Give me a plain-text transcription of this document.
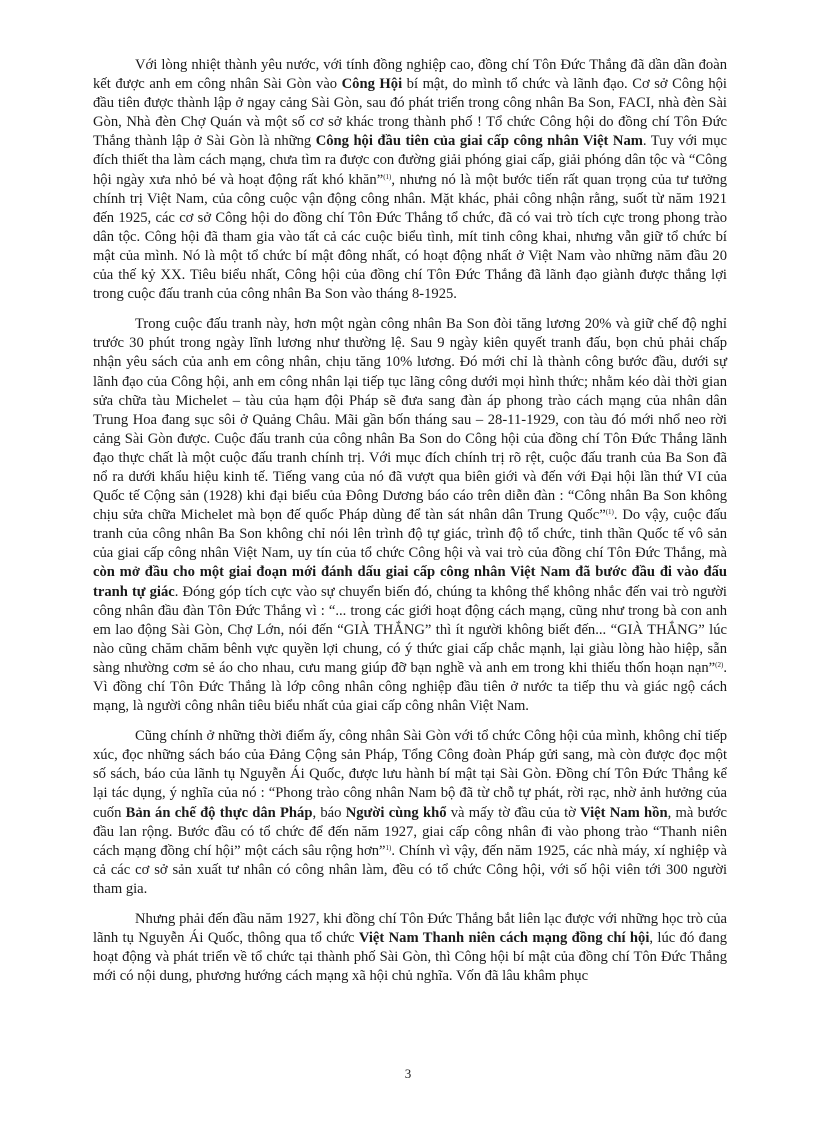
Với lòng nhiệt thành yêu nước, với tính đồng nghiệp cao, đồng chí Tôn Đức Thắng đã dần dần đoàn kết được anh em công nhân Sài Gòn vào Công Hội bí mật, do mình tổ chức và lãnh đạo. Cơ sở Công hội đầu tiên được thành lập ở ngay cảng Sài Gòn, sau đó phát triển trong công nhân Ba Son, FACI, nhà đèn Sài Gòn, Nhà đèn Chợ Quán và một số cơ sở khác trong thành phố ! Tổ chức Công hội do đồng chí Tôn Đức Thắng thành lập ở Sài Gòn là những Công hội đầu tiên của giai cấp công nhân Việt Nam. Tuy với mục đích thiết tha làm cách mạng, chưa tìm ra được con đường giải phóng giai cấp, giải phóng dân tộc và “Công hội ngày xưa nhỏ bé và hoạt động rất khó khăn”$^{(1)}$, nhưng nó là một bước tiến rất quan trọng của tư tưởng chính trị Việt Nam, của công cuộc vận động công nhân. Mặt khác, phải công nhận rằng, suốt từ năm 1921 đến 1925, các cơ sở Công hội do đồng chí Tôn Đức Thắng tổ chức, đã có vai trò tích cực trong phong trào dân tộc. Công hội đã tham gia vào tất cả các cuộc biểu tình, mít tinh công khai, nhưng vẫn giữ tổ chức bí mật của mình. Nó là một tổ chức bí mật đông nhất, có hoạt động nhất ở Việt Nam vào những năm đầu 20 của thế kỷ XX. Tiêu biểu nhất, Công hội của đồng chí Tôn Đức Thắng đã lãnh đạo giành được thắng lợi trong cuộc đấu tranh của công nhân Ba Son vào tháng 8-1925.

Trong cuộc đấu tranh này, hơn một ngàn công nhân Ba Son đòi tăng lương 20% và giữ chế độ nghỉ trước 30 phút trong ngày lĩnh lương như thường lệ. Sau 9 ngày kiên quyết tranh đấu, bọn chủ phải chấp nhận yêu sách của anh em công nhân, chịu tăng 10% lương. Đó mới chỉ là thành công bước đầu, dưới sự lãnh đạo của Công hội, anh em công nhân lại tiếp tục lãng công dưới mọi hình thức; nhằm kéo dài thời gian sửa chữa tàu Michelet – tàu của hạm đội Pháp sẽ đưa sang đàn áp phong trào cách mạng của nhân dân Trung Hoa đang sục sôi ở Quảng Châu. Mãi gần bốn tháng sau – 28-11-1929, con tàu đó mới nhổ neo rời cảng Sài Gòn được. Cuộc đấu tranh của công nhân Ba Son do Công hội của đồng chí Tôn Đức Thắng lãnh đạo thực chất là một cuộc đấu tranh chính trị. Với mục đích chính trị rõ rệt, cuộc đấu tranh của Ba Son đã nổ ra dưới khẩu hiệu kinh tế. Tiếng vang của nó đã vượt qua biên giới và đến với Đại hội lần thứ VI của Quốc tế Cộng sản (1928) khi đại biểu của Đông Dương báo cáo trên diễn đàn : “Công nhân Ba Son không chịu sửa chữa Michelet mà bọn đế quốc Pháp dùng để tàn sát nhân dân Trung Quốc”$^{(1)}$. Do vậy, cuộc đấu tranh của công nhân Ba Son không chỉ nói lên trình độ tự giác, trình độ tổ chức, tinh thần Quốc tế vô sản của giai cấp công nhân Việt Nam, uy tín của tổ chức Công hội và vai trò của đồng chí Tôn Đức Thắng, mà còn mở đầu cho một giai đoạn mới đánh dấu giai cấp công nhân Việt Nam đã bước đầu đi vào đấu tranh tự giác. Đóng góp tích cực vào sự chuyển biến đó, chúng ta không thể không nhắc đến vai trò người công nhân đầu đàn Tôn Đức Thắng vì : “... trong các giới hoạt động cách mạng, cũng như trong bà con anh em lao động Sài Gòn, Chợ Lớn, nói đến “GIÀ THẮNG” thì ít người không biết đến... “GIÀ THẮNG” lúc nào cũng chăm chăm bênh vực quyền lợi chung, có ý thức giai cấp chắc mạnh, lại giàu lòng hào hiệp, sẵn sàng nhường cơm sẻ áo cho nhau, cưu mang giúp đỡ bạn nghề và anh em trong khi thiếu thốn hoạn nạn”$^{(2)}$. Vì đồng chí Tôn Đức Thắng là lớp công nhân công nghiệp đầu tiên ở nước ta tiếp thu và giác ngộ cách mạng, là người công nhân tiêu biểu nhất của giai cấp công nhân Việt Nam.

Cũng chính ở những thời điểm ấy, công nhân Sài Gòn với tổ chức Công hội của mình, không chỉ tiếp xúc, đọc những sách báo của Đảng Cộng sản Pháp, Tổng Công đoàn Pháp gửi sang, mà còn được đọc một số sách, báo của lãnh tụ Nguyễn Ái Quốc, được lưu hành bí mật tại Sài Gòn. Đồng chí Tôn Đức Thắng kể lại tác dụng, ý nghĩa của nó : “Phong trào công nhân Nam bộ đã từ chỗ tự phát, rời rạc, nhờ ảnh hưởng của cuốn Bản án chế độ thực dân Pháp, báo Người cùng khổ và mấy tờ đầu của tờ Việt Nam hồn, mà bước đầu lan rộng. Bước đầu có tổ chức để đến năm 1927, giai cấp công nhân đi vào phong trào “Thanh niên cách mạng đồng chí hội” một cách sâu rộng hơn”$^{1)}$. Chính vì vậy, đến năm 1925, các nhà máy, xí nghiệp và cả các cơ sở sản xuất tư nhân có công nhân làm, đều có tổ chức Công hội, với số hội viên tới 300 người tham gia.

Nhưng phải đến đầu năm 1927, khi đồng chí Tôn Đức Thắng bắt liên lạc được với những học trò của lãnh tụ Nguyễn Ái Quốc, thông qua tổ chức Việt Nam Thanh niên cách mạng đồng chí hội, lúc đó đang hoạt động và phát triển về tổ chức tại thành phố Sài Gòn, thì Công hội bí mật của đồng chí Tôn Đức Thắng mới có nội dung, phương hướng cách mạng xã hội chủ nghĩa. Vốn đã lâu khâm phục

3
